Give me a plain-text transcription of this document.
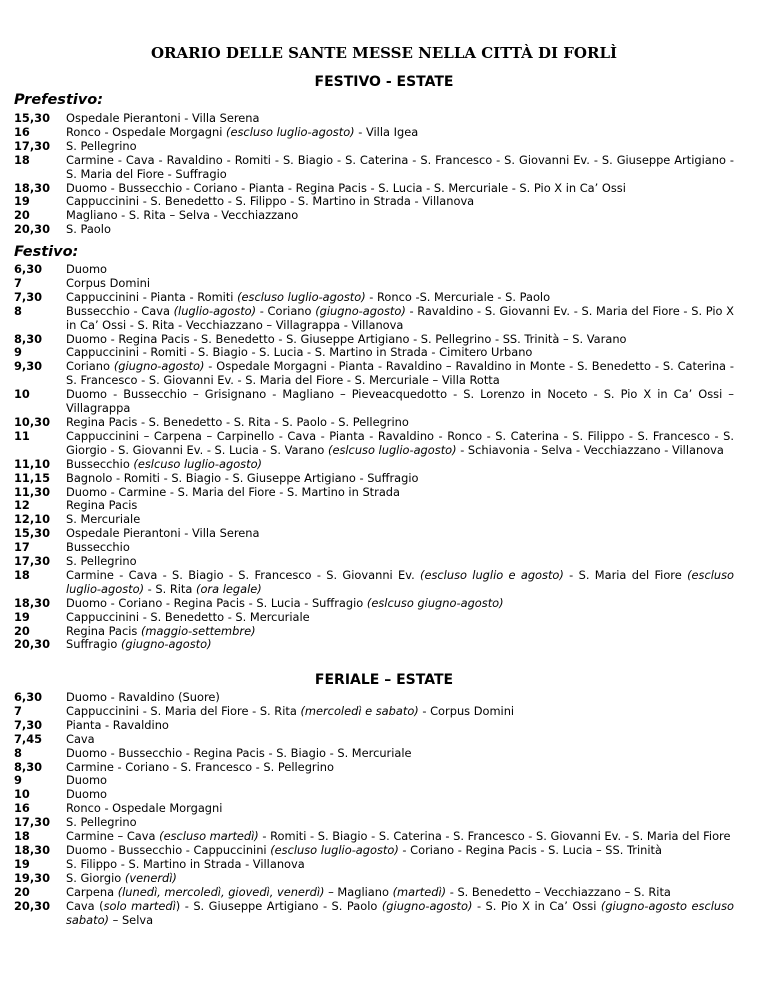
ORARIO DELLE SANTE MESSE NELLA CITTÀ DI FORLÌ
FESTIVO - ESTATE
Prefestivo:
15,30	Ospedale Pierantoni - Villa Serena
16	Ronco - Ospedale Morgagni (escluso luglio-agosto) - Villa Igea
17,30	S. Pellegrino
18	Carmine - Cava - Ravaldino - Romiti - S. Biagio - S. Caterina - S. Francesco - S. Giovanni Ev. - S. Giuseppe Artigiano - S. Maria del Fiore - Suffragio
18,30	Duomo - Bussecchio - Coriano - Pianta - Regina Pacis - S. Lucia - S. Mercuriale - S. Pio X in Ca’ Ossi
19	Cappuccinini - S. Benedetto - S. Filippo - S. Martino in Strada - Villanova
20	Magliano - S. Rita – Selva - Vecchiazzano
20,30	S. Paolo
Festivo:
6,30	Duomo
7	Corpus Domini
7,30	Cappuccinini - Pianta - Romiti (escluso luglio-agosto) - Ronco -S. Mercuriale - S. Paolo
8	Bussecchio - Cava (luglio-agosto) - Coriano (giugno-agosto) - Ravaldino - S. Giovanni Ev. - S. Maria del Fiore - S. Pio X in Ca’ Ossi - S. Rita - Vecchiazzano – Villagrappa - Villanova
8,30	Duomo - Regina Pacis - S. Benedetto - S. Giuseppe Artigiano - S. Pellegrino - SS. Trinità – S. Varano
9	Cappuccinini - Romiti - S. Biagio - S. Lucia - S. Martino in Strada - Cimitero Urbano
9,30	Coriano (giugno-agosto) - Ospedale Morgagni - Pianta - Ravaldino – Ravaldino in Monte - S. Benedetto - S. Caterina - S. Francesco - S. Giovanni Ev. - S. Maria del Fiore - S. Mercuriale – Villa Rotta
10	Duomo - Bussecchio – Grisignano - Magliano – Pieveacquedotto - S. Lorenzo in Noceto - S. Pio X in Ca’ Ossi – Villagrappa
10,30	Regina Pacis - S. Benedetto - S. Rita - S. Paolo - S. Pellegrino
11	Cappuccinini – Carpena – Carpinello - Cava - Pianta - Ravaldino - Ronco - S. Caterina - S. Filippo - S. Francesco - S. Giorgio - S. Giovanni Ev. - S. Lucia - S. Varano (eslcuso luglio-agosto) - Schiavonia - Selva - Vecchiazzano - Villanova
11,10	Bussecchio (eslcuso luglio-agosto)
11,15	Bagnolo - Romiti - S. Biagio - S. Giuseppe Artigiano - Suffragio
11,30	Duomo - Carmine - S. Maria del Fiore - S. Martino in Strada
12	Regina Pacis
12,10	S. Mercuriale
15,30	Ospedale Pierantoni - Villa Serena
17	Bussecchio
17,30	S. Pellegrino
18	Carmine - Cava - S. Biagio - S. Francesco - S. Giovanni Ev. (escluso luglio e agosto) - S. Maria del Fiore (escluso luglio-agosto) - S. Rita (ora legale)
18,30	Duomo - Coriano - Regina Pacis - S. Lucia - Suffragio (eslcuso giugno-agosto)
19	Cappuccinini - S. Benedetto - S. Mercuriale
20	Regina Pacis (maggio-settembre)
20,30	Suffragio (giugno-agosto)
FERIALE – ESTATE
6,30	Duomo - Ravaldino (Suore)
7	Cappuccinini - S. Maria del Fiore - S. Rita (mercoledì e sabato) - Corpus Domini
7,30	Pianta - Ravaldino
7,45	Cava
8	Duomo - Bussecchio - Regina Pacis - S. Biagio - S. Mercuriale
8,30	Carmine - Coriano - S. Francesco - S. Pellegrino
9	Duomo
10	Duomo
16	Ronco - Ospedale Morgagni
17,30	S. Pellegrino
18	Carmine – Cava (escluso martedì) - Romiti - S. Biagio - S. Caterina - S. Francesco - S. Giovanni Ev. - S. Maria del Fiore
18,30	Duomo - Bussecchio - Cappuccinini (escluso luglio-agosto) - Coriano - Regina Pacis - S. Lucia – SS. Trinità
19	S. Filippo - S. Martino in Strada - Villanova
19,30	S. Giorgio (venerdì)
20	Carpena (lunedì, mercoledì, giovedì, venerdì) – Magliano (martedì) - S. Benedetto – Vecchiazzano – S. Rita
20,30	Cava (solo martedì) - S. Giuseppe Artigiano - S. Paolo (giugno-agosto) - S. Pio X in Ca’ Ossi (giugno-agosto escluso sabato) – Selva
